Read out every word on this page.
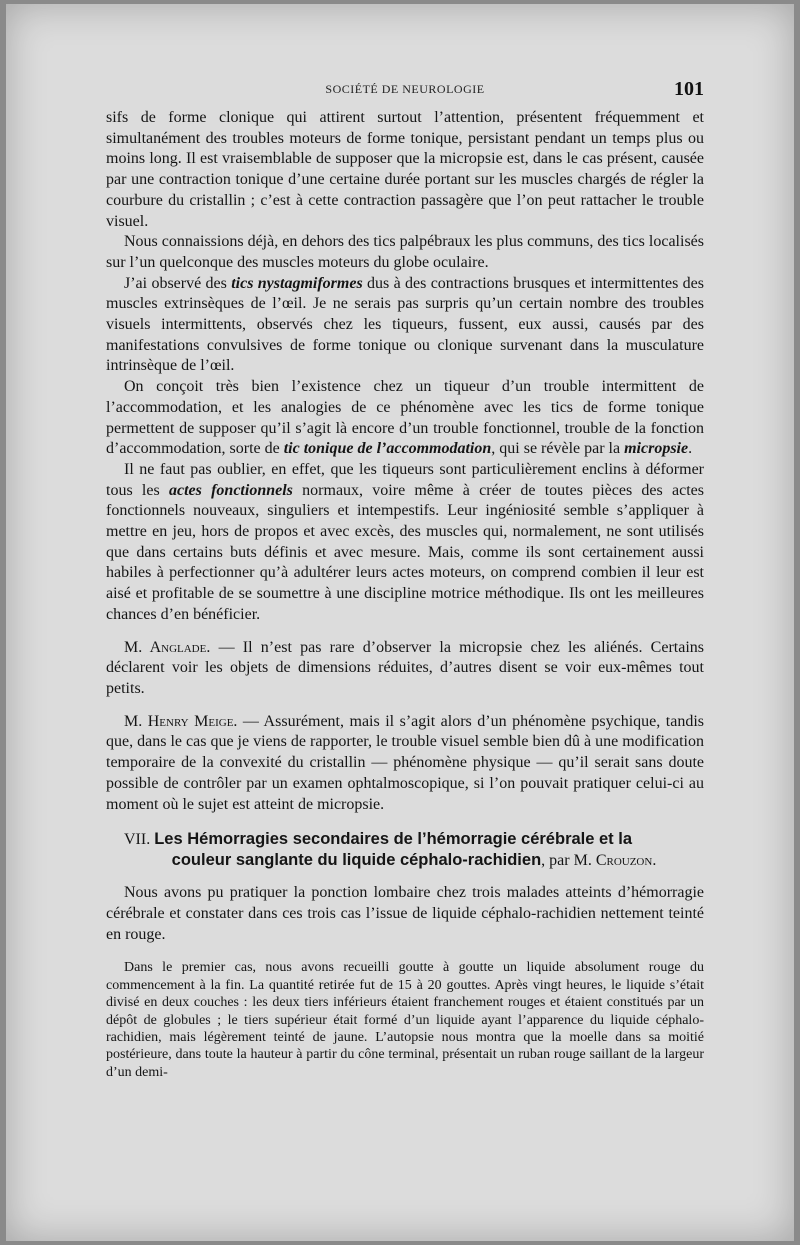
SOCIÉTÉ DE NEUROLOGIE	101

sifs de forme clonique qui attirent surtout l’attention, présentent fréquemment et simultanément des troubles moteurs de forme tonique, persistant pendant un temps plus ou moins long. Il est vraisemblable de supposer que la micropsie est, dans le cas présent, causée par une contraction tonique d’une certaine durée portant sur les muscles chargés de régler la courbure du cristallin ; c’est à cette contraction passagère que l’on peut rattacher le trouble visuel.

Nous connaissions déjà, en dehors des tics palpébraux les plus communs, des tics localisés sur l’un quelconque des muscles moteurs du globe oculaire.

J’ai observé des tics nystagmiformes dus à des contractions brusques et intermittentes des muscles extrinsèques de l’œil. Je ne serais pas surpris qu’un certain nombre des troubles visuels intermittents, observés chez les tiqueurs, fussent, eux aussi, causés par des manifestations convulsives de forme tonique ou clonique survenant dans la musculature intrinsèque de l’œil.

On conçoit très bien l’existence chez un tiqueur d’un trouble intermittent de l’accommodation, et les analogies de ce phénomène avec les tics de forme tonique permettent de supposer qu’il s’agit là encore d’un trouble fonctionnel, trouble de la fonction d’accommodation, sorte de tic tonique de l’accommodation, qui se révèle par la micropsie.

Il ne faut pas oublier, en effet, que les tiqueurs sont particulièrement enclins à déformer tous les actes fonctionnels normaux, voire même à créer de toutes pièces des actes fonctionnels nouveaux, singuliers et intempestifs. Leur ingéniosité semble s’appliquer à mettre en jeu, hors de propos et avec excès, des muscles qui, normalement, ne sont utilisés que dans certains buts définis et avec mesure. Mais, comme ils sont certainement aussi habiles à perfectionner qu’à adultérer leurs actes moteurs, on comprend combien il leur est aisé et profitable de se soumettre à une discipline motrice méthodique. Ils ont les meilleures chances d’en bénéficier.

M. Anglade. — Il n’est pas rare d’observer la micropsie chez les aliénés. Certains déclarent voir les objets de dimensions réduites, d’autres disent se voir eux-mêmes tout petits.

M. Henry Meige. — Assurément, mais il s’agit alors d’un phénomène psychique, tandis que, dans le cas que je viens de rapporter, le trouble visuel semble bien dû à une modification temporaire de la convexité du cristallin — phénomène physique — qu’il serait sans doute possible de contrôler par un examen ophtalmoscopique, si l’on pouvait pratiquer celui-ci au moment où le sujet est atteint de micropsie.

VII. Les Hémorragies secondaires de l’hémorragie cérébrale et la
couleur sanglante du liquide céphalo-rachidien, par M. Crouzon.

Nous avons pu pratiquer la ponction lombaire chez trois malades atteints d’hémorragie cérébrale et constater dans ces trois cas l’issue de liquide céphalo-rachidien nettement teinté en rouge.

Dans le premier cas, nous avons recueilli goutte à goutte un liquide absolument rouge du commencement à la fin. La quantité retirée fut de 15 à 20 gouttes. Après vingt heures, le liquide s’était divisé en deux couches : les deux tiers inférieurs étaient franchement rouges et étaient constitués par un dépôt de globules ; le tiers supérieur était formé d’un liquide ayant l’apparence du liquide céphalo-rachidien, mais légèrement teinté de jaune. L’autopsie nous montra que la moelle dans sa moitié postérieure, dans toute la hauteur à partir du cône terminal, présentait un ruban rouge saillant de la largeur d’un demi-
